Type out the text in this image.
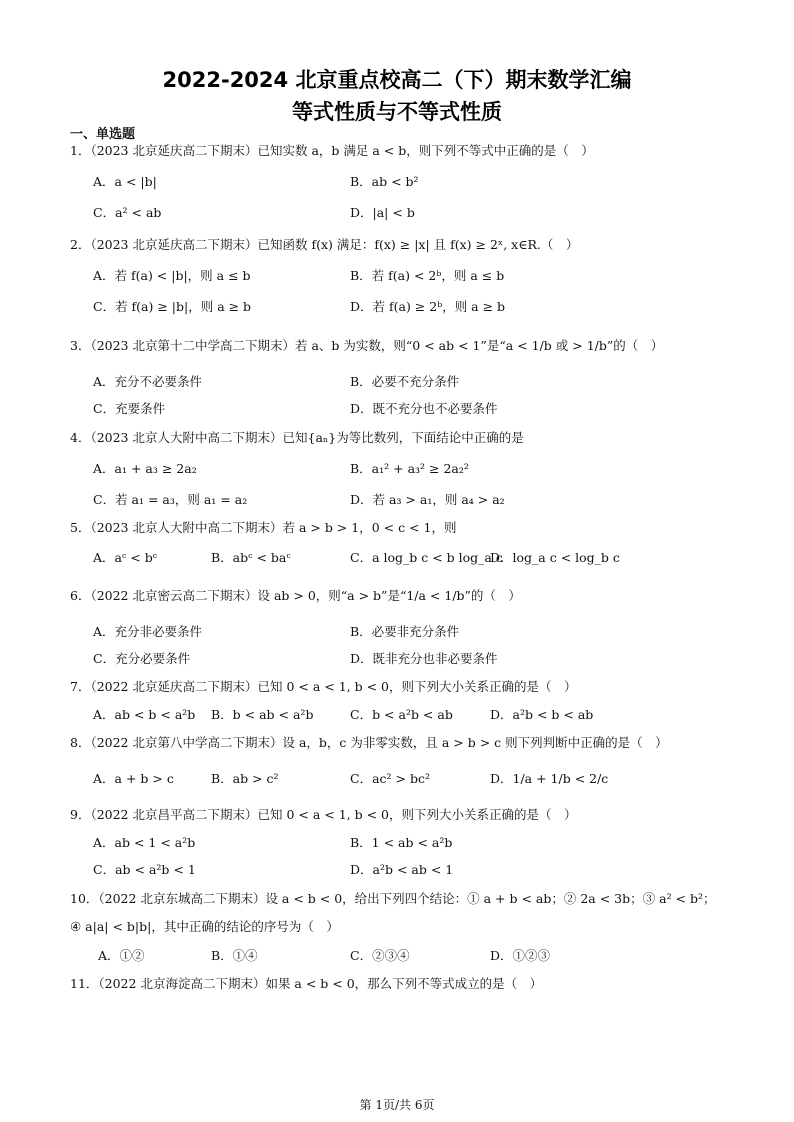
2022-2024 北京重点校高二（下）期末数学汇编
等式性质与不等式性质
一、单选题
1．（2023 北京延庆高二下期末）已知实数 a，b 满足 a < b，则下列不等式中正确的是（　）
A．a < |b|	B．ab < b²
C．a² < ab	D．|a| < b
2．（2023 北京延庆高二下期末）已知函数 f(x) 满足：f(x) ≥ |x| 且 f(x) ≥ 2ˣ, x∈R.（　）
A．若 f(a) < |b|，则 a ≤ b	B．若 f(a) < 2ᵇ，则 a ≤ b
C．若 f(a) ≥ |b|，则 a ≥ b	D．若 f(a) ≥ 2ᵇ，则 a ≥ b
3．（2023 北京第十二中学高二下期末）若 a、b 为实数，则“0 < ab < 1”是“a < 1/b 或 > 1/b”的（　）
A．充分不必要条件	B．必要不充分条件
C．充要条件	D．既不充分也不必要条件
4．（2023 北京人大附中高二下期末）已知{aₙ}为等比数列，下面结论中正确的是
A．a₁ + a₃ ≥ 2a₂	B．a₁² + a₃² ≥ 2a₂²
C．若 a₁ = a₃，则 a₁ = a₂	D．若 a₃ > a₁，则 a₄ > a₂
5．（2023 北京人大附中高二下期末）若 a > b > 1，0 < c < 1，则
A．aᶜ < bᶜ	B．abᶜ < baᶜ	C．a log_b c < b log_a c
D．log_a c < log_b c
6．（2022 北京密云高二下期末）设 ab > 0，则“a > b”是“1/a < 1/b”的（　）
A．充分非必要条件	B．必要非充分条件
C．充分必要条件	D．既非充分也非必要条件
7．（2022 北京延庆高二下期末）已知 0 < a < 1, b < 0，则下列大小关系正确的是（　）
A．ab < b < a²b B．b < ab < a²b	C．b < a²b < ab	D．a²b < b < ab
8．（2022 北京第八中学高二下期末）设 a，b，c 为非零实数，且 a > b > c 则下列判断中正确的是（　）
A．a + b > c	B．ab > c²	C．ac² > bc²	D．1/a + 1/b < 2/c
9．（2022 北京昌平高二下期末）已知 0 < a < 1, b < 0，则下列大小关系正确的是（　）
A．ab < 1 < a²b	B．1 < ab < a²b
C．ab < a²b < 1	D．a²b < ab < 1
10．（2022 北京东城高二下期末）设 a < b < 0，给出下列四个结论：① a + b < ab；② 2a < 3b；③ a² < b²；
④ a|a| < b|b|，其中正确的结论的序号为（　）
A．①②	B．①④	C．②③④	D．①②③
11．（2022 北京海淀高二下期末）如果 a < b < 0，那么下列不等式成立的是（　）
第 1页/共 6页
